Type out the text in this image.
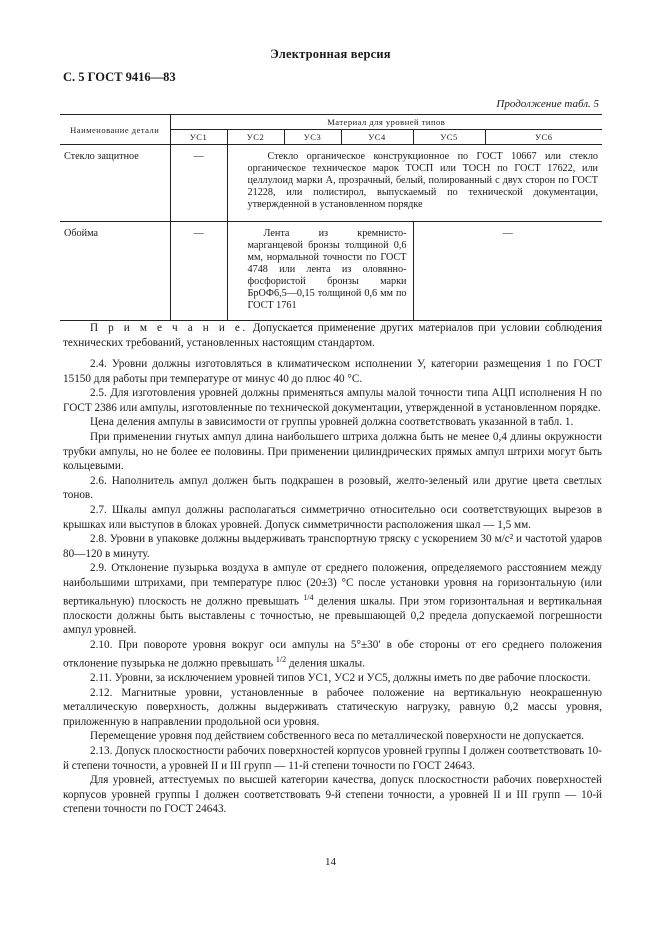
Электронная версия
С. 5 ГОСТ 9416—83
Продолжение табл. 5
Наименование детали	Материал для уровней типов					
	УС1	УС2	УС3	УС4	УС5	УС6
Стекло защитное	—	Стекло органическое конструкционное по ГОСТ 10667 или стекло органическое техническое марок ТОСП или ТОСН по ГОСТ 17622, или целлулоид марки А, прозрачный, белый, полированный с двух сторон по ГОСТ 21228, или полистирол, выпускаемый по технической документации, утвержденной в установленном порядке				
Обойма	—	Лента из кремнисто-марганцевой бронзы толщиной 0,6 мм, нормальной точности по ГОСТ 4748 или лента из оловянно-фосфористой бронзы марки БрОФ6,5—0,15 толщиной 0,6 мм по ГОСТ 1761			—	

П р и м е ч а н и е. Допускается применение других материалов при условии соблюдения технических требований, установленных настоящим стандартом.

2.4. Уровни должны изготовляться в климатическом исполнении У, категории размещения 1 по ГОСТ 15150 для работы при температуре от минус 40 до плюс 40 °С.

2.5. Для изготовления уровней должны применяться ампулы малой точности типа АЦП исполнения Н по ГОСТ 2386 или ампулы, изготовленные по технической документации, утвержденной в установленном порядке.

Цена деления ампулы в зависимости от группы уровней должна соответствовать указанной в табл. 1.

При применении гнутых ампул длина наибольшего штриха должна быть не менее 0,4 длины окружности трубки ампулы, но не более ее половины. При применении цилиндрических прямых ампул штрихи могут быть кольцевыми.

2.6. Наполнитель ампул должен быть подкрашен в розовый, желто-зеленый или другие цвета светлых тонов.

2.7. Шкалы ампул должны располагаться симметрично относительно оси соответствующих вырезов в крышках или выступов в блоках уровней. Допуск симметричности расположения шкал — 1,5 мм.

2.8. Уровни в упаковке должны выдерживать транспортную тряску с ускорением 30 м/с² и частотой ударов 80—120 в минуту.

2.9. Отклонение пузырька воздуха в ампуле от среднего положения, определяемого расстоянием между наибольшими штрихами, при температуре плюс (20±3) °С после установки уровня на горизонтальную (или вертикальную) плоскость не должно превышать $^{1/4}$ деления шкалы. При этом горизонтальная и вертикальная плоскости должны быть выставлены с точностью, не превышающей 0,2 предела допускаемой погрешности ампул уровней.

2.10. При повороте уровня вокруг оси ампулы на 5°±30′ в обе стороны от его среднего положения отклонение пузырька не должно превышать $^{1/2}$ деления шкалы.

2.11. Уровни, за исключением уровней типов УС1, УС2 и УС5, должны иметь по две рабочие плоскости.

2.12. Магнитные уровни, установленные в рабочее положение на вертикальную неокрашенную металлическую поверхность, должны выдерживать статическую нагрузку, равную 0,2 массы уровня, приложенную в направлении продольной оси уровня.

Перемещение уровня под действием собственного веса по металлической поверхности не допускается.

2.13. Допуск плоскостности рабочих поверхностей корпусов уровней группы I должен соответствовать 10-й степени точности, а уровней II и III групп — 11-й степени точности по ГОСТ 24643.

Для уровней, аттестуемых по высшей категории качества, допуск плоскостности рабочих поверхностей корпусов уровней группы I должен соответствовать 9-й степени точности, а уровней II и III групп — 10-й степени точности по ГОСТ 24643.

14
